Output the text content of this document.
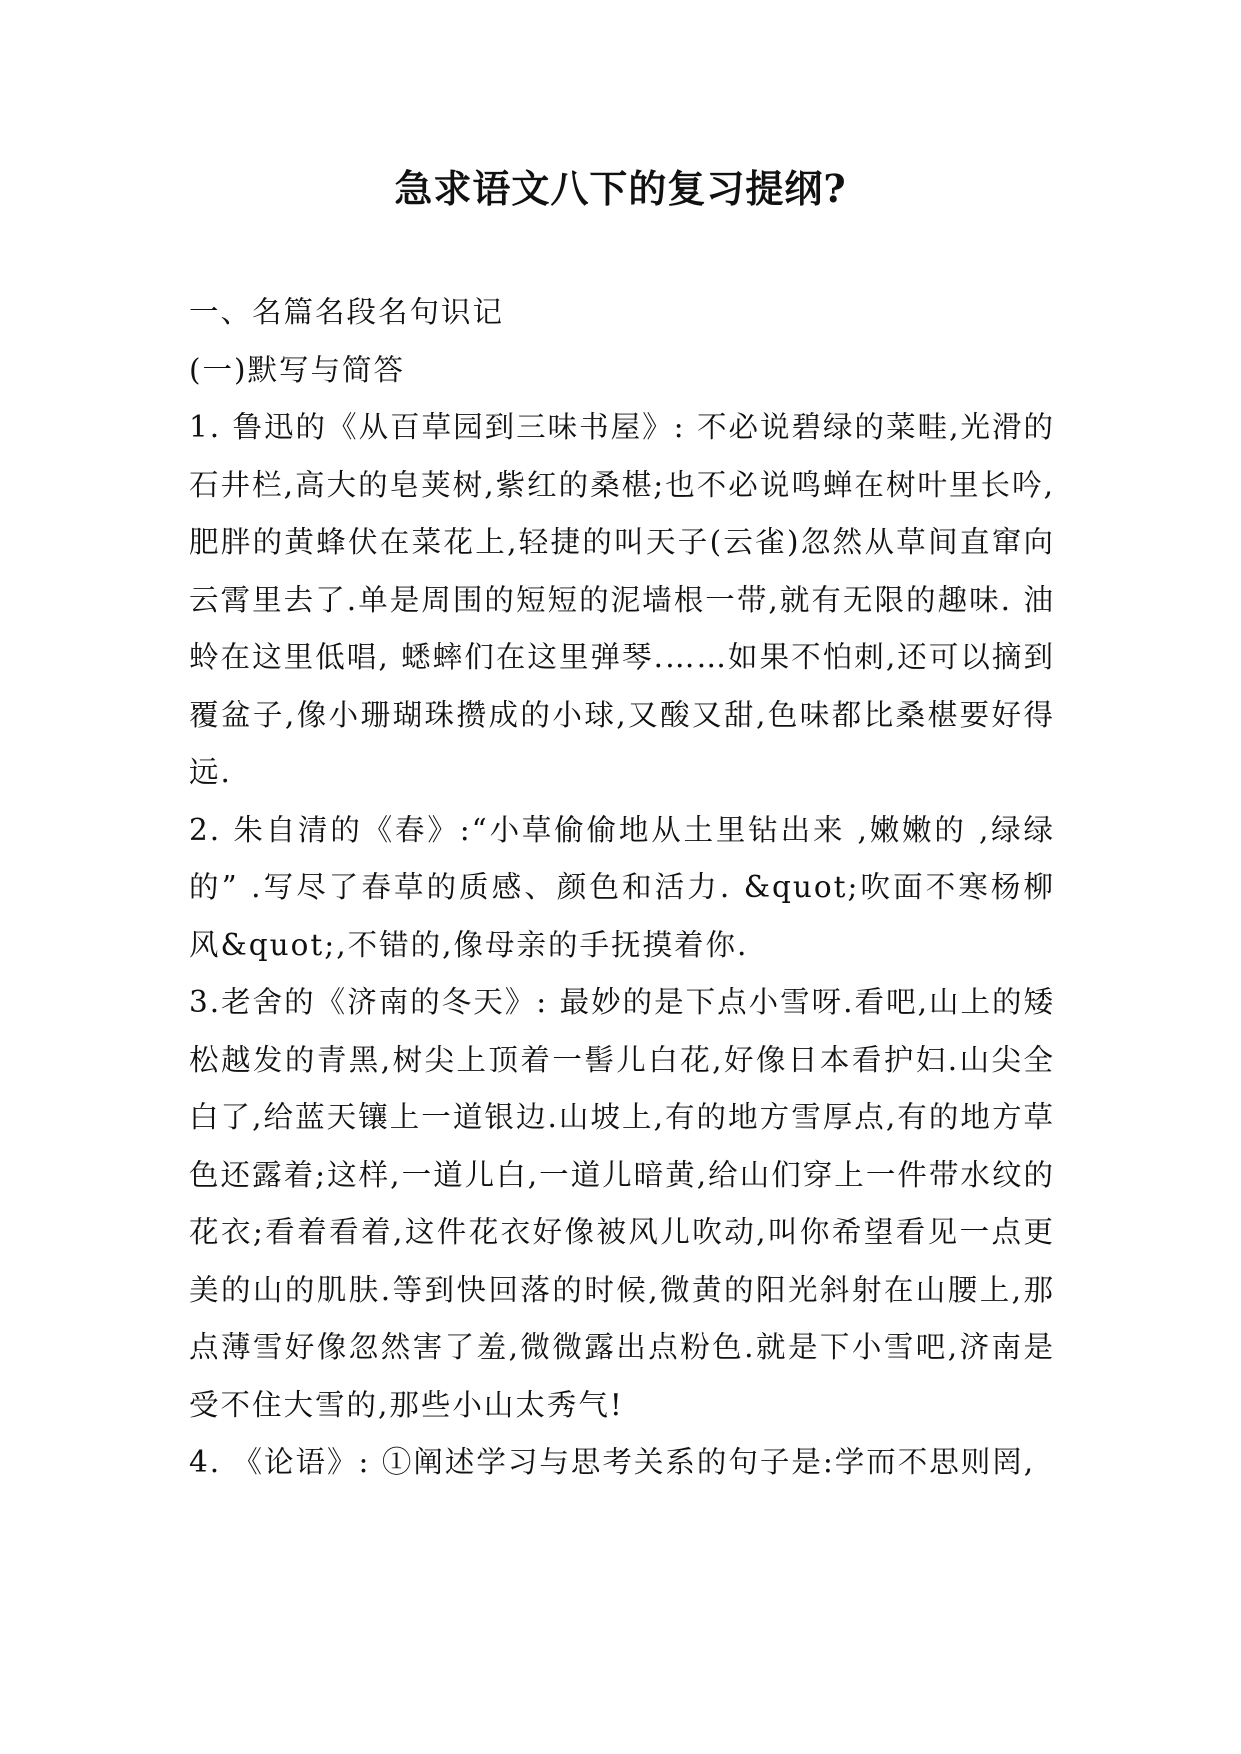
急求语文八下的复习提纲?

一、名篇名段名句识记

(一)默写与简答

1. 鲁迅的《从百草园到三味书屋》: 不必说碧绿的菜畦,光滑的石井栏,高大的皂荚树,紫红的桑椹;也不必说鸣蝉在树叶里长吟,肥胖的黄蜂伏在菜花上,轻捷的叫天子(云雀)忽然从草间直窜向云霄里去了.单是周围的短短的泥墙根一带,就有无限的趣味. 油蛉在这里低唱, 蟋蟀们在这里弹琴.……如果不怕刺,还可以摘到覆盆子,像小珊瑚珠攒成的小球,又酸又甜,色味都比桑椹要好得远.

2. 朱自清的《春》:“小草偷偷地从土里钻出来 ,嫩嫩的 ,绿绿的” .写尽了春草的质感、颜色和活力. &quot;吹面不寒杨柳风&quot;,不错的,像母亲的手抚摸着你.

3.老舍的《济南的冬天》: 最妙的是下点小雪呀.看吧,山上的矮松越发的青黑,树尖上顶着一髻儿白花,好像日本看护妇.山尖全白了,给蓝天镶上一道银边.山坡上,有的地方雪厚点,有的地方草色还露着;这样,一道儿白,一道儿暗黄,给山们穿上一件带水纹的花衣;看着看着,这件花衣好像被风儿吹动,叫你希望看见一点更美的山的肌肤.等到快回落的时候,微黄的阳光斜射在山腰上,那点薄雪好像忽然害了羞,微微露出点粉色.就是下小雪吧,济南是受不住大雪的,那些小山太秀气!

4. 《论语》: ①阐述学习与思考关系的句子是:学而不思则罔,
